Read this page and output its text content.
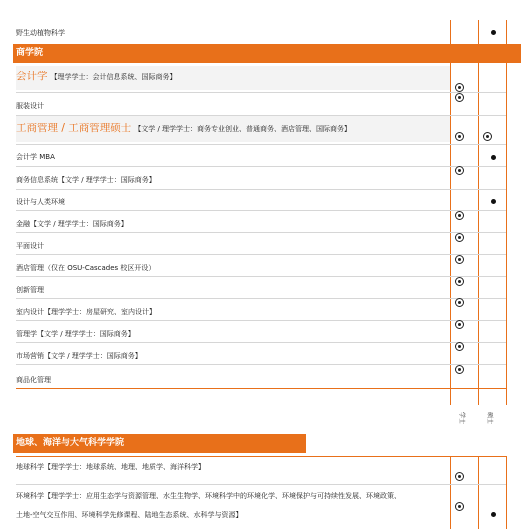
野生动植物科学
商学院
会计学 【理学学士：会计信息系统、国际商务】
服装设计
工商管理 / 工商管理硕士 【文学 / 理学学士：商务专业创业、普通商务、酒店管理、国际商务】
会计学 MBA
商务信息系统【文学 / 理学学士：国际商务】
设计与人类环境
金融【文学 / 理学学士：国际商务】
平面设计
酒店管理（仅在 OSU-Cascades 校区开设）
创新管理
室内设计【理学学士：房屋研究、室内设计】
管理学【文学 / 理学学士：国际商务】
市场营销【文学 / 理学学士：国际商务】
商品化管理
学士	硕士
地球、海洋与大气科学学院
地球科学【理学学士：地球系统、地理、地质学、海洋科学】
环境科学【理学学士：应用生态学与资源管理、水生生物学、环境科学中的环境化学、环境保护与可持续性发展、环境政策、
土地-空气交互作用、环境科学先修课程、陆地生态系统、水科学与资源】
